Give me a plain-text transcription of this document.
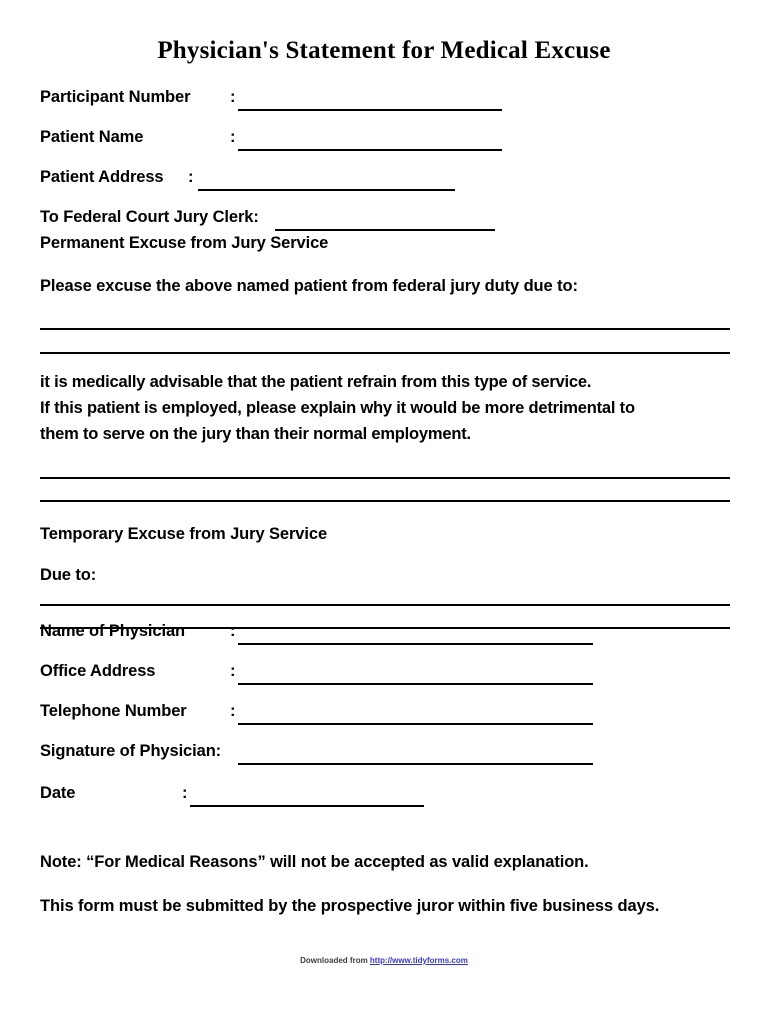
Physician's Statement for Medical Excuse
Participant Number :
Patient Name	:
Patient Address :
To Federal Court Jury Clerk:
Permanent Excuse from Jury Service
Please excuse the above named patient from federal jury duty due to:
it is medically advisable that the patient refrain from this type of service.
If this patient is employed, please explain why it would be more detrimental to
them to serve on the jury than their normal employment.
Temporary Excuse from Jury Service
Due to:
Name of Physician	:
Office Address	:
Telephone Number	:
Signature of Physician:
Date	:
Note: “For Medical Reasons” will not be accepted as valid explanation.
This form must be submitted by the prospective juror within five business days.
Downloaded from http://www.tidyforms.com
